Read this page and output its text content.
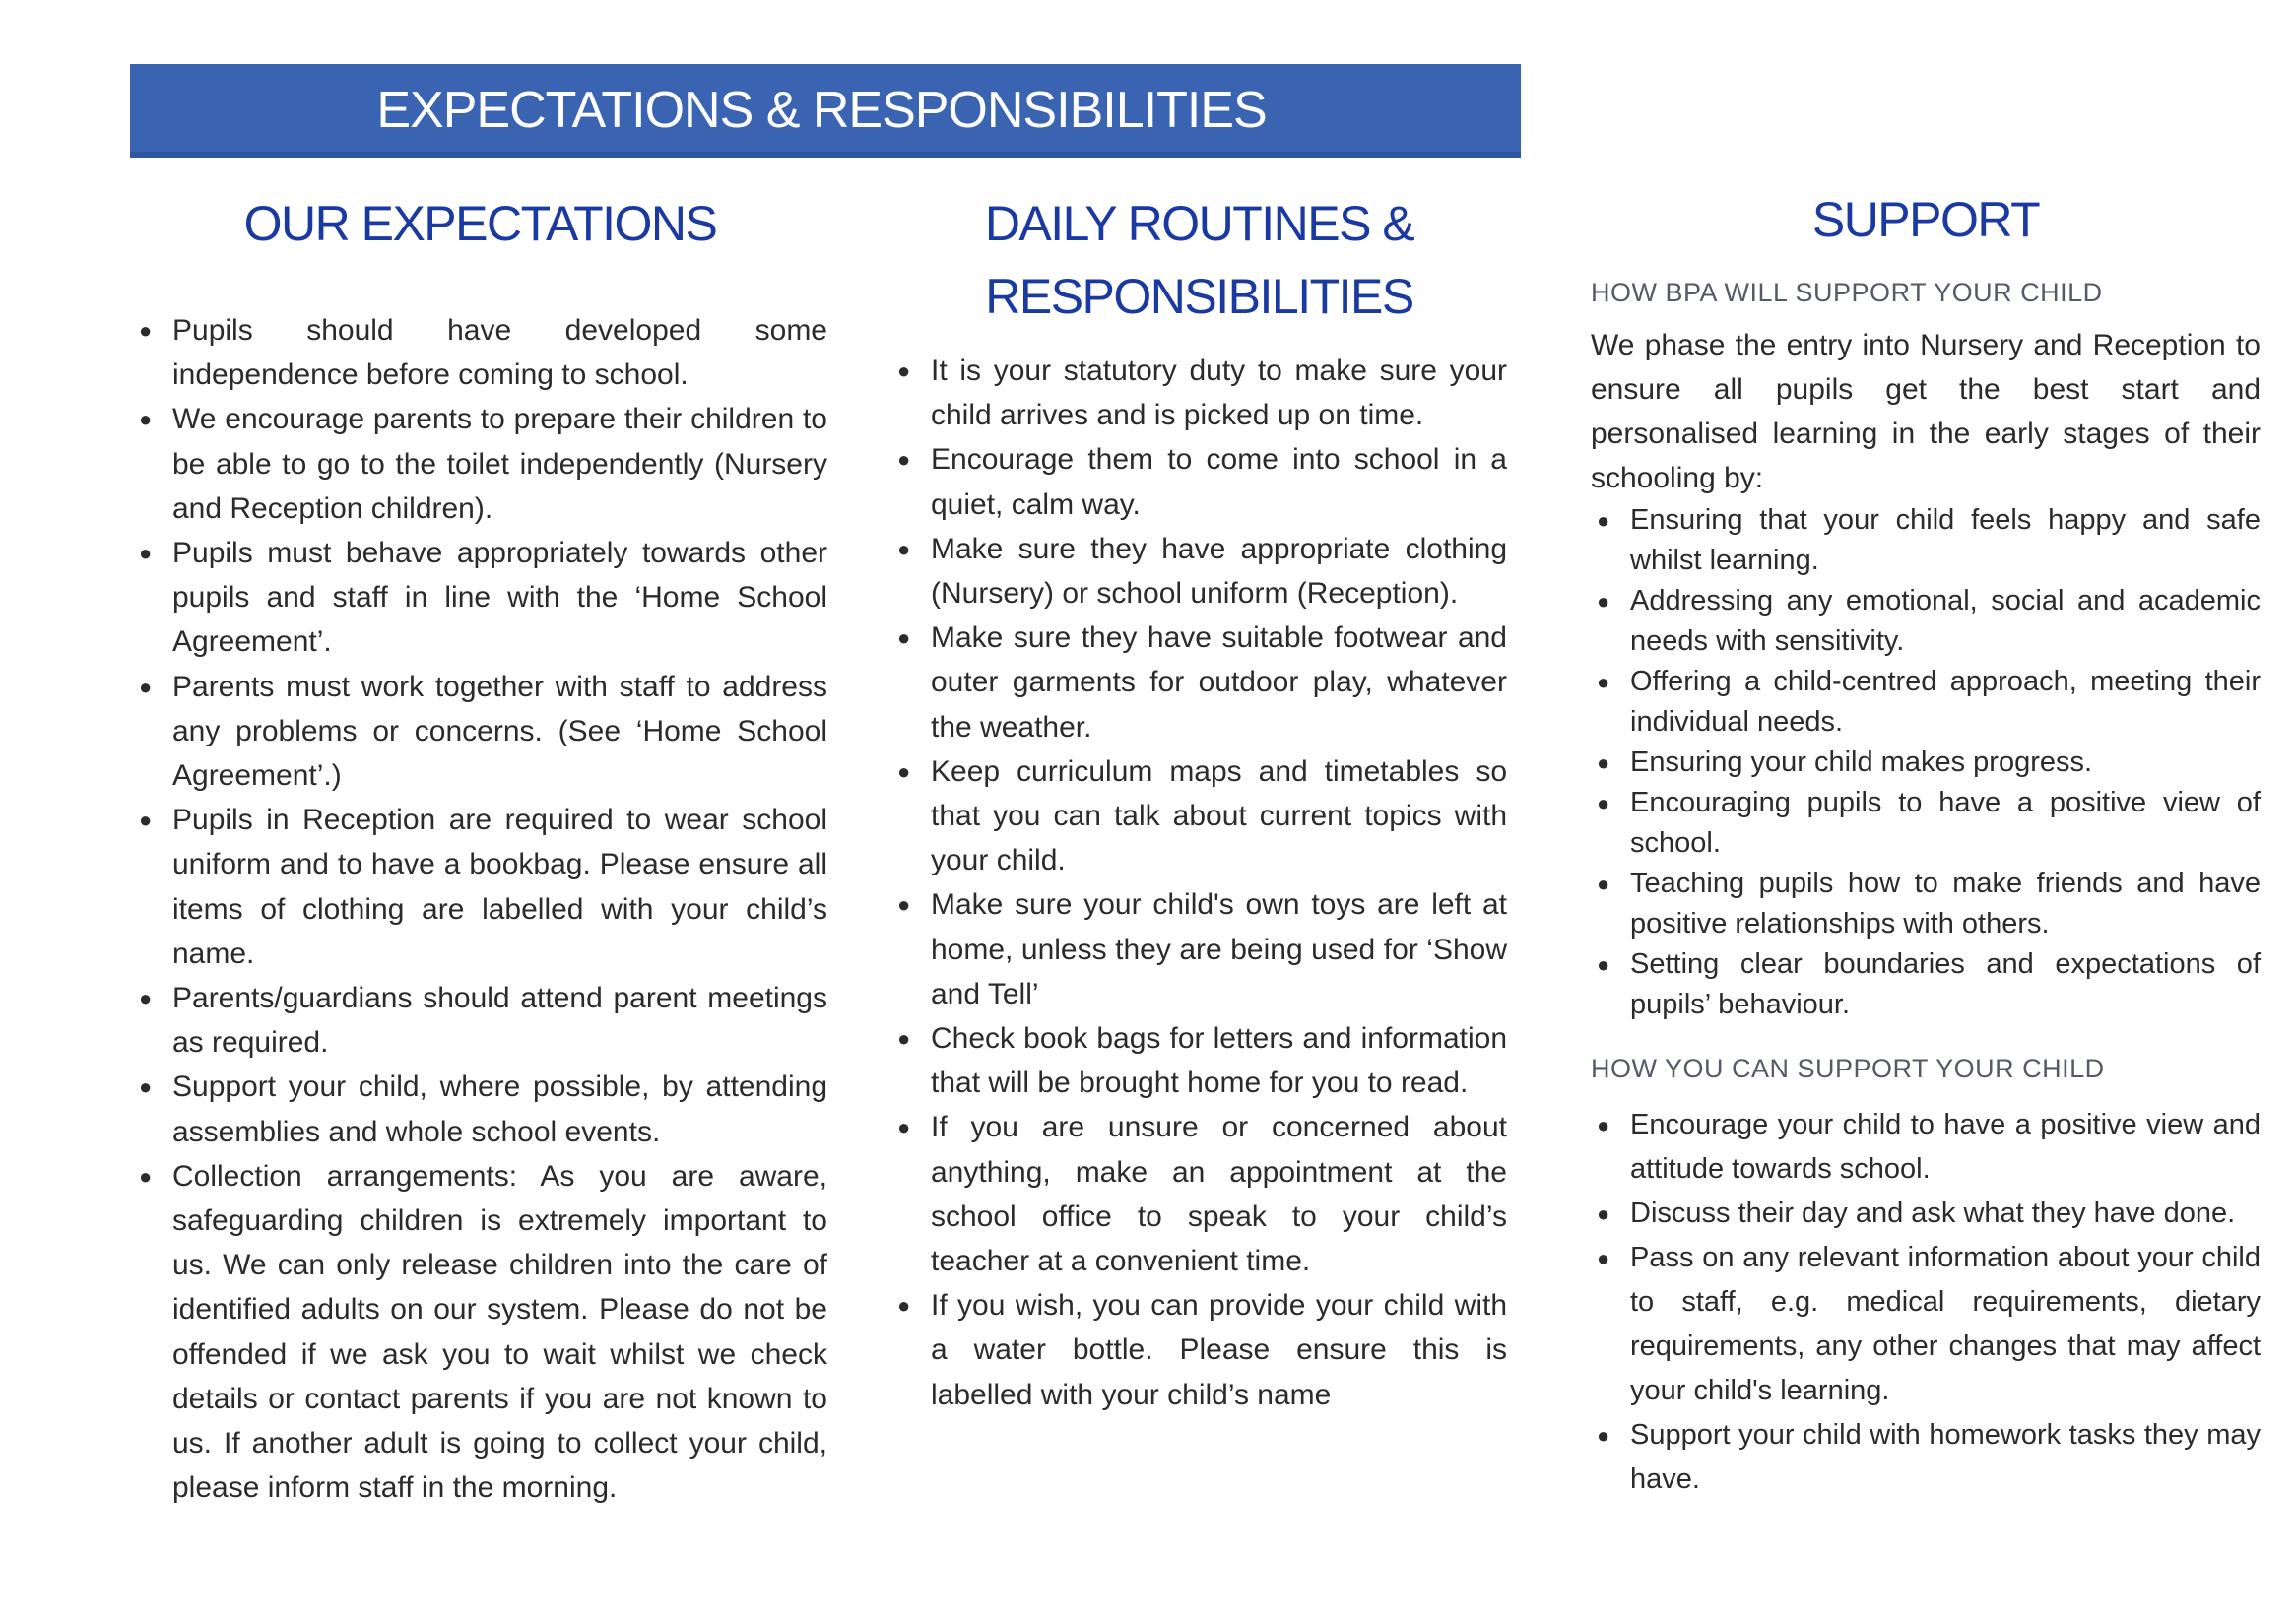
EXPECTATIONS & RESPONSIBILITIES
OUR EXPECTATIONS
● Pupils should have developed some independence before coming to school.
● We encourage parents to prepare their children to be able to go to the toilet independently (Nursery and Reception children).
● Pupils must behave appropriately towards other pupils and staff in line with the ‘Home School Agreement’.
● Parents must work together with staff to address any problems or concerns. (See ‘Home School Agreement’.)
● Pupils in Reception are required to wear school uniform and to have a bookbag. Please ensure all items of clothing are labelled with your child’s name.
● Parents/guardians should attend parent meetings as required.
● Support your child, where possible, by attending assemblies and whole school events.
● Collection arrangements: As you are aware, safeguarding children is extremely important to us. We can only release children into the care of identified adults on our system. Please do not be offended if we ask you to wait whilst we check details or contact parents if you are not known to us. If another adult is going to collect your child, please inform staff in the morning.
DAILY ROUTINES &
RESPONSIBILITIES
● It is your statutory duty to make sure your child arrives and is picked up on time.
● Encourage them to come into school in a quiet, calm way.
● Make sure they have appropriate clothing (Nursery) or school uniform (Reception).
● Make sure they have suitable footwear and outer garments for outdoor play, whatever the weather.
● Keep curriculum maps and timetables so that you can talk about current topics with your child.
● Make sure your child's own toys are left at home, unless they are being used for ‘Show and Tell’
● Check book bags for letters and information that will be brought home for you to read.
● If you are unsure or concerned about anything, make an appointment at the school office to speak to your child’s teacher at a convenient time.
● If you wish, you can provide your child with a water bottle. Please ensure this is labelled with your child’s name
SUPPORT
HOW BPA WILL SUPPORT YOUR CHILD

We phase the entry into Nursery and Reception to ensure all pupils get the best start and personalised learning in the early stages of their schooling by:

● Ensuring that your child feels happy and safe whilst learning.
● Addressing any emotional, social and academic needs with sensitivity.
● Offering a child-centred approach, meeting their individual needs.
● Ensuring your child makes progress.
● Encouraging pupils to have a positive view of school.
● Teaching pupils how to make friends and have positive relationships with others.
● Setting clear boundaries and expectations of pupils’ behaviour.
HOW YOU CAN SUPPORT YOUR CHILD
● Encourage your child to have a positive view and attitude towards school.
● Discuss their day and ask what they have done.
● Pass on any relevant information about your child to staff, e.g. medical requirements, dietary requirements, any other changes that may affect your child's learning.
● Support your child with homework tasks they may have.
